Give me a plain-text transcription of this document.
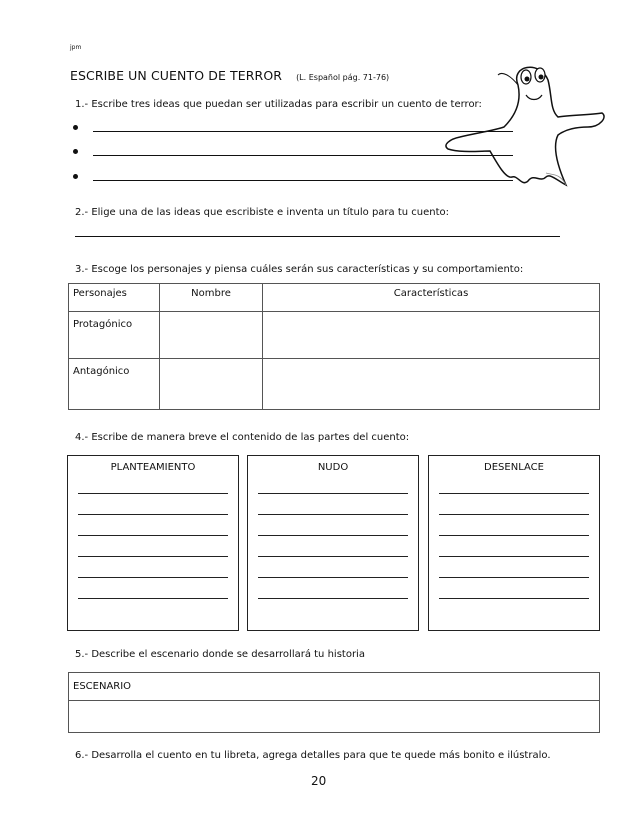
jpm
ESCRIBE UN CUENTO DE TERROR (L. Español pág. 71-76)
1.- Escribe tres ideas que puedan ser utilizadas para escribir un cuento de terror:
2.- Elige una de las ideas que escribiste e inventa un título para tu cuento:
3.- Escoge los personajes y piensa cuáles serán sus características y su comportamiento:
Personajes	Nombre	Características
Protagónico		
Antagónico		
4.- Escribe de manera breve el contenido de las partes del cuento:
PLANTEAMIENTO	NUDO	DESENLACE
5.- Describe el escenario donde se desarrollará tu historia
ESCENARIO

6.- Desarrolla el cuento en tu libreta, agrega detalles para que te quede más bonito e ilústralo.
20
